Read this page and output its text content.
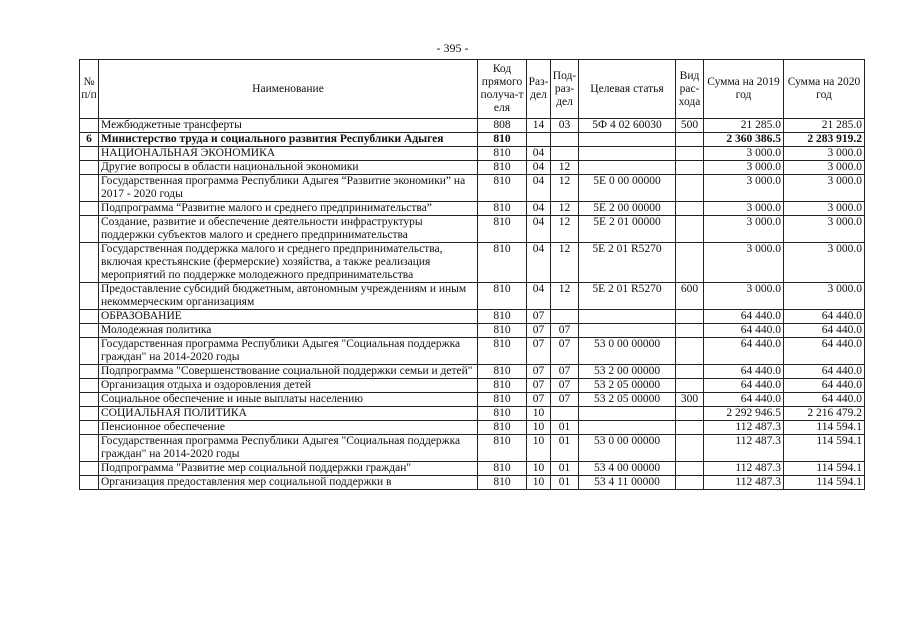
- 395 -
№ п/п	Наименование	Код прямого получа-т еля	Раз- дел	Под- раз- дел	Целевая статья	Вид рас- хода	Сумма на 2019 год	Сумма на 2020 год
	Межбюджетные трансферты	808	14	03	5Ф 4 02 60030	500	21 285.0	21 285.0
6	Министерство труда и социального развития Республики Адыгея	810					2 360 386.5	2 283 919.2
	НАЦИОНАЛЬНАЯ ЭКОНОМИКА	810	04				3 000.0	3 000.0
	Другие вопросы в области национальной экономики	810	04	12			3 000.0	3 000.0
	Государственная программа Республики Адыгея “Развитие экономики” на 2017 - 2020 годы	810	04	12	5Е 0 00 00000		3 000.0	3 000.0
	Подпрограмма “Развитие малого и среднего предпринимательства”	810	04	12	5Е 2 00 00000		3 000.0	3 000.0
	Создание, развитие и обеспечение деятельности инфраструктуры поддержки субъектов малого и среднего предпринимательства	810	04	12	5Е 2 01 00000		3 000.0	3 000.0
	Государственная поддержка малого и среднего предпринимательства, включая крестьянские (фермерские) хозяйства, а также реализация мероприятий по поддержке молодежного предпринимательства	810	04	12	5Е 2 01 R5270		3 000.0	3 000.0
	Предоставление субсидий бюджетным, автономным учреждениям и иным некоммерческим организациям	810	04	12	5Е 2 01 R5270	600	3 000.0	3 000.0
	ОБРАЗОВАНИЕ	810	07				64 440.0	64 440.0
	Молодежная политика	810	07	07			64 440.0	64 440.0
	Государственная программа Республики Адыгея "Социальная поддержка граждан" на 2014-2020 годы	810	07	07	53 0 00 00000		64 440.0	64 440.0
	Подпрограмма "Совершенствование социальной поддержки семьи и детей"	810	07	07	53 2 00 00000		64 440.0	64 440.0
	Организация отдыха и оздоровления детей	810	07	07	53 2 05 00000		64 440.0	64 440.0
	Социальное обеспечение и иные выплаты населению	810	07	07	53 2 05 00000	300	64 440.0	64 440.0
	СОЦИАЛЬНАЯ ПОЛИТИКА	810	10				2 292 946.5	2 216 479.2
	Пенсионное обеспечение	810	10	01			112 487.3	114 594.1
	Государственная программа Республики Адыгея "Социальная поддержка граждан" на 2014-2020 годы	810	10	01	53 0 00 00000		112 487.3	114 594.1
	Подпрограмма "Развитие мер социальной поддержки граждан"	810	10	01	53 4 00 00000		112 487.3	114 594.1
	Организация предоставления мер социальной поддержки в	810	10	01	53 4 11 00000		112 487.3	114 594.1
